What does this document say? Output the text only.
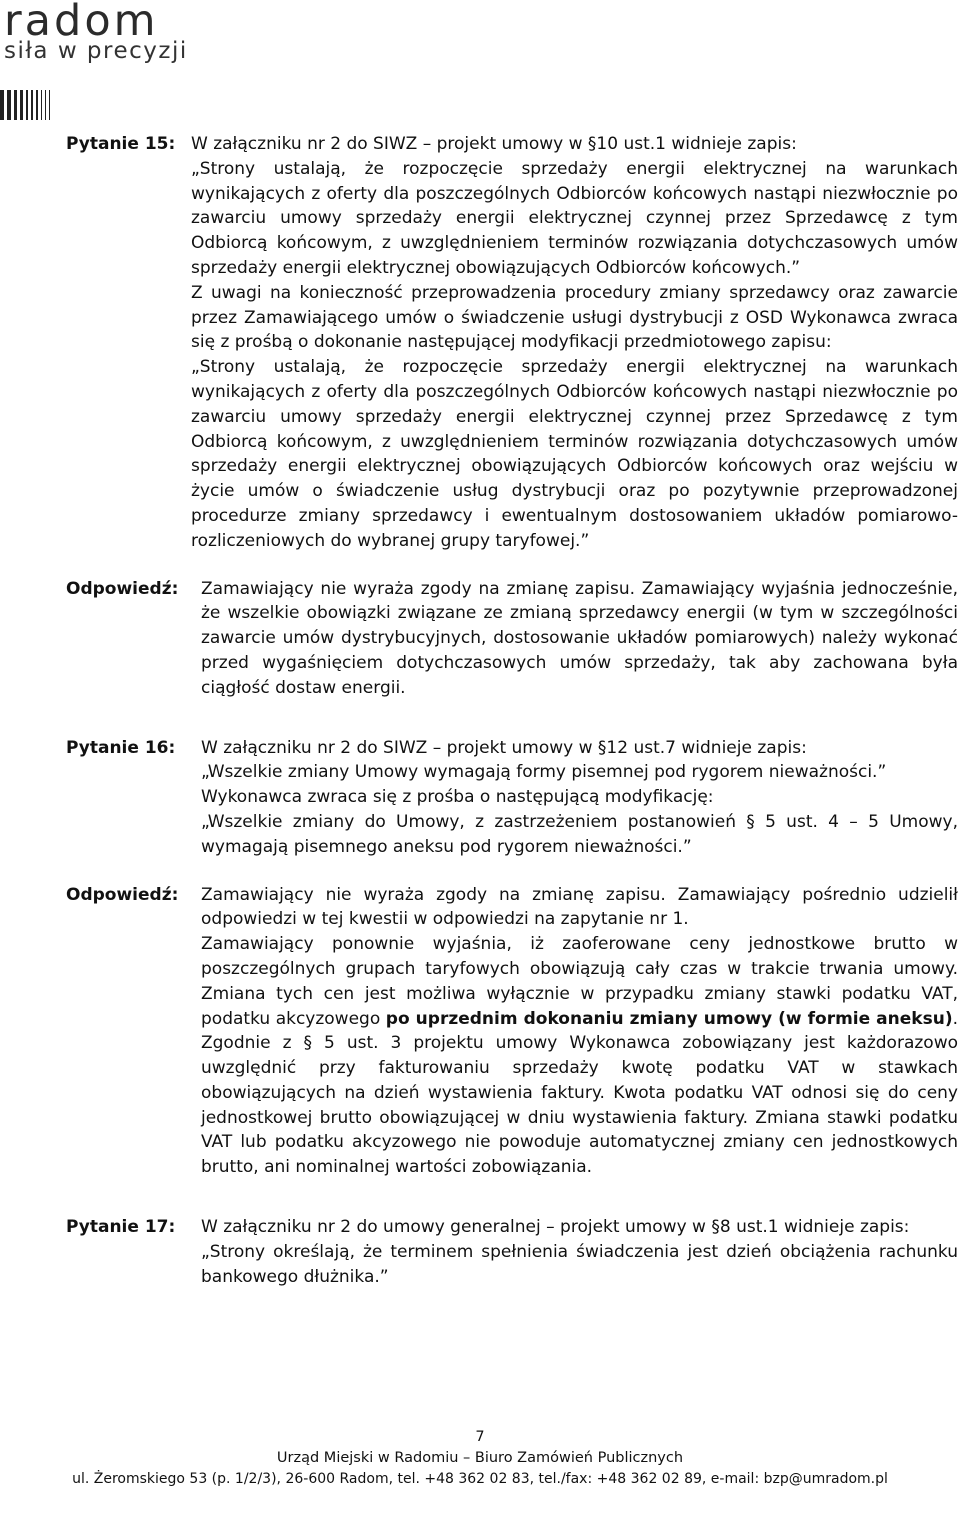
radom
siła w precyzji
Pytanie 15: W załączniku nr 2 do SIWZ – projekt umowy w §10 ust.1 widnieje zapis:

„Strony ustalają, że rozpoczęcie sprzedaży energii elektrycznej na warunkach wynikających z oferty dla poszczególnych Odbiorców końcowych nastąpi niezwłocznie po zawarciu umowy sprzedaży energii elektrycznej czynnej przez Sprzedawcę z tym Odbiorcą końcowym, z uwzględnieniem terminów rozwiązania dotychczasowych umów sprzedaży energii elektrycznej obowiązujących Odbiorców końcowych.”

Z uwagi na konieczność przeprowadzenia procedury zmiany sprzedawcy oraz zawarcie przez Zamawiającego umów o świadczenie usługi dystrybucji z OSD Wykonawca zwraca się z prośbą o dokonanie następującej modyfikacji przedmiotowego zapisu:

„Strony ustalają, że rozpoczęcie sprzedaży energii elektrycznej na warunkach wynikających z oferty dla poszczególnych Odbiorców końcowych nastąpi niezwłocznie po zawarciu umowy sprzedaży energii elektrycznej czynnej przez Sprzedawcę z tym Odbiorcą końcowym, z uwzględnieniem terminów rozwiązania dotychczasowych umów sprzedaży energii elektrycznej obowiązujących Odbiorców końcowych oraz wejściu w życie umów o świadczenie usług dystrybucji oraz po pozytywnie przeprowadzonej procedurze zmiany sprzedawcy i ewentualnym dostosowaniem układów pomiarowo-rozliczeniowych do wybranej grupy taryfowej.”

Odpowiedź:	Zamawiający nie wyraża zgody na zmianę zapisu. Zamawiający wyjaśnia jednocześnie, że wszelkie obowiązki związane ze zmianą sprzedawcy energii (w tym w szczególności zawarcie umów dystrybucyjnych, dostosowanie układów pomiarowych) należy wykonać przed wygaśnięciem dotychczasowych umów sprzedaży, tak aby zachowana była ciągłość dostaw energii.

Pytanie 16:	W załączniku nr 2 do SIWZ – projekt umowy w §12 ust.7 widnieje zapis:

„Wszelkie zmiany Umowy wymagają formy pisemnej pod rygorem nieważności.”

Wykonawca zwraca się z prośba o następującą modyfikację:

„Wszelkie zmiany do Umowy, z zastrzeżeniem postanowień § 5 ust. 4 – 5 Umowy, wymagają pisemnego aneksu pod rygorem nieważności.”

Odpowiedź:	Zamawiający nie wyraża zgody na zmianę zapisu. Zamawiający pośrednio udzielił odpowiedzi w tej kwestii w odpowiedzi na zapytanie nr 1.

Zamawiający ponownie wyjaśnia, iż zaoferowane ceny jednostkowe brutto w poszczególnych grupach taryfowych obowiązują cały czas w trakcie trwania umowy. Zmiana tych cen jest możliwa wyłącznie w przypadku zmiany stawki podatku VAT, podatku akcyzowego po uprzednim dokonaniu zmiany umowy (w formie aneksu). Zgodnie z § 5 ust. 3 projektu umowy Wykonawca zobowiązany jest każdorazowo uwzględnić przy fakturowaniu sprzedaży kwotę podatku VAT w stawkach obowiązujących na dzień wystawienia faktury. Kwota podatku VAT odnosi się do ceny jednostkowej brutto obowiązującej w dniu wystawienia faktury. Zmiana stawki podatku VAT lub podatku akcyzowego nie powoduje automatycznej zmiany cen jednostkowych brutto, ani nominalnej wartości zobowiązania.

Pytanie 17:	W załączniku nr 2 do umowy generalnej – projekt umowy w §8 ust.1 widnieje zapis:

„Strony określają, że terminem spełnienia świadczenia jest dzień obciążenia rachunku bankowego dłużnika.”

7
Urząd Miejski w Radomiu – Biuro Zamówień Publicznych
ul. Żeromskiego 53 (p. 1/2/3), 26-600 Radom, tel. +48 362 02 83, tel./fax: +48 362 02 89, e-mail: bzp@umradom.pl
